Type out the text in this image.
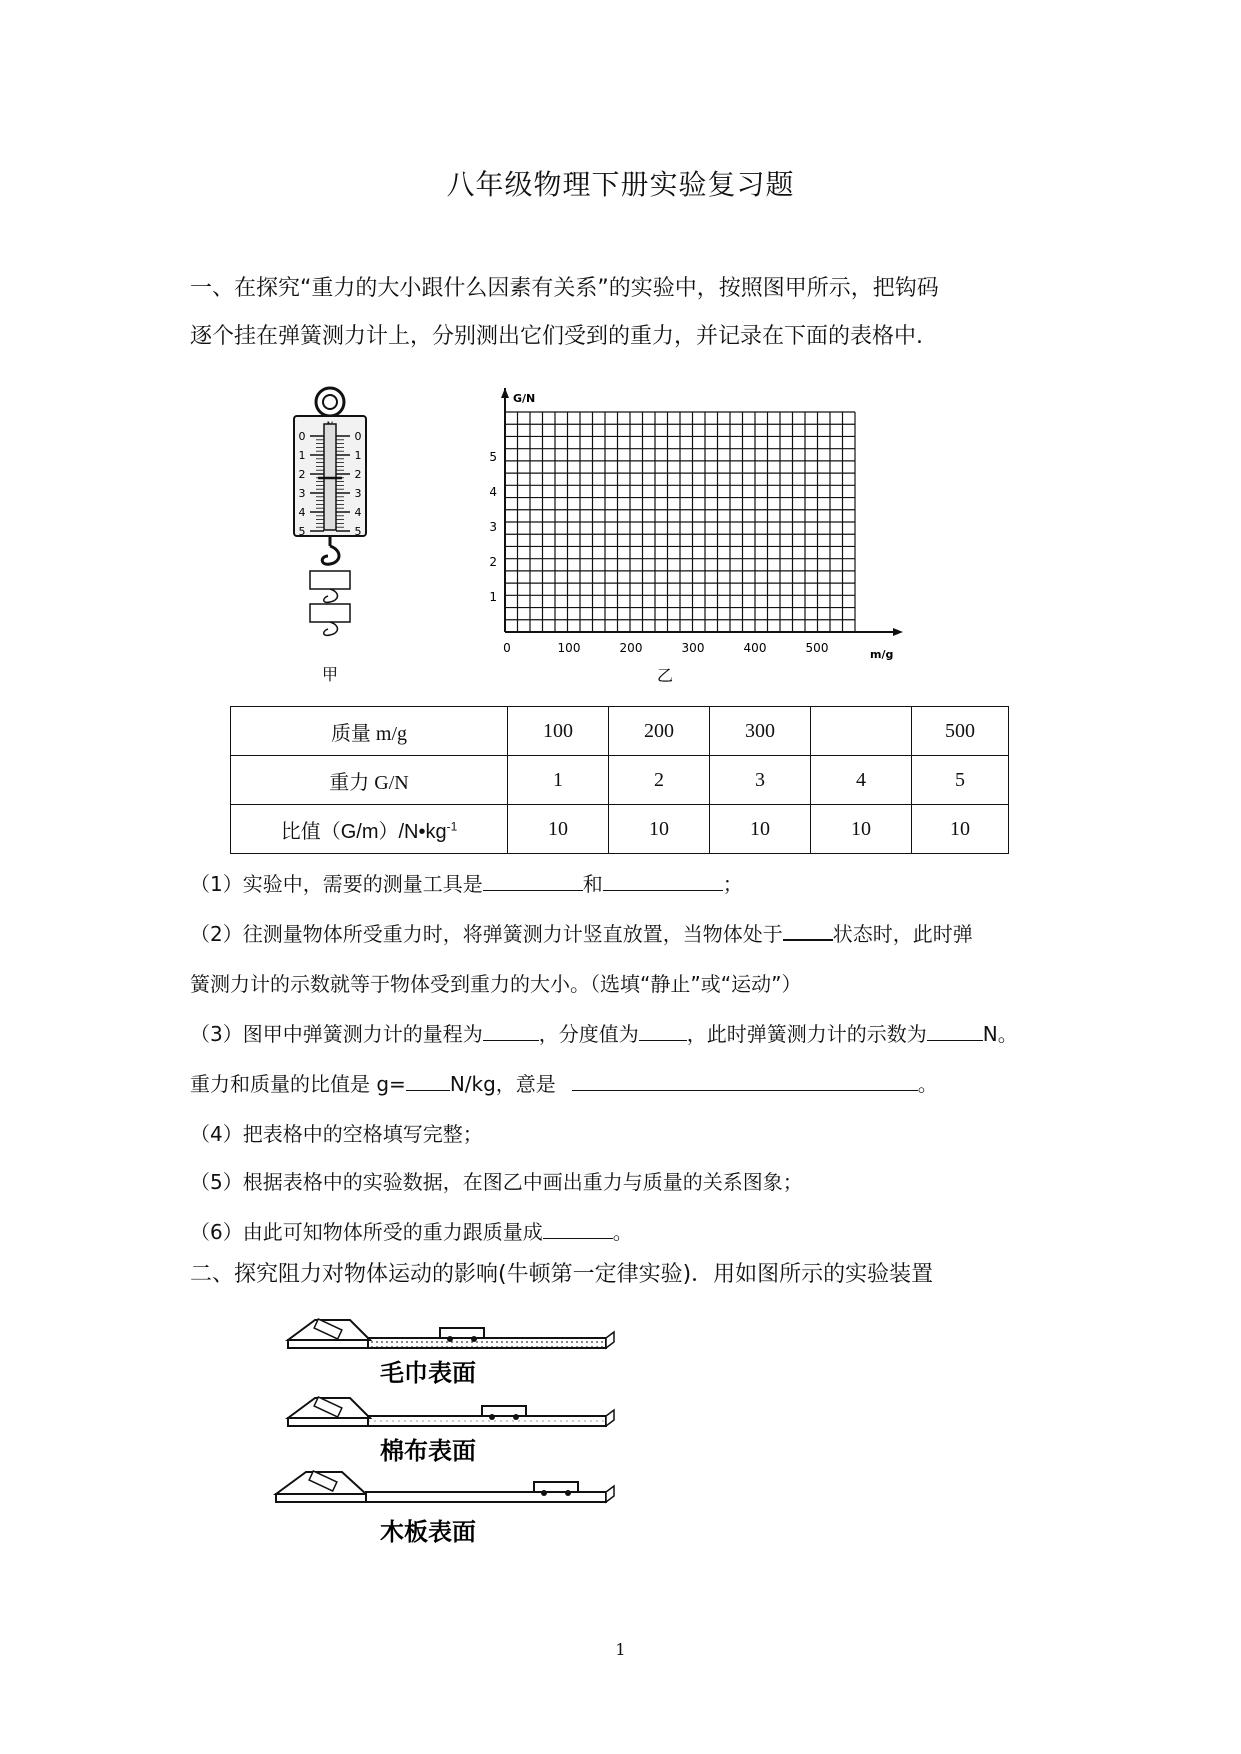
八年级物理下册实验复习题
一、在探究“重力的大小跟什么因素有关系”的实验中，按照图甲所示，把钩码
逐个挂在弹簧测力计上，分别测出它们受到的重力，并记录在下面的表格中.
0	0
1	1
2	2
3	3
4	4
5	5
甲
G/N
m/g
1
2
3
4
5
0	100	200	300	400	500
乙
质量 m/g	100	200	300		500
重力 G/N	1	2	3	4	5
比值$(G/m)/N•kg^{-1}$	10	10	10	10	10
（1）实验中，需要的测量工具是	和	；
（2）往测量物体所受重力时，将弹簧测力计竖直放置，当物体处于	状态时，此时弹
簧测力计的示数就等于物体受到重力的大小。（选填“静止”或“运动”）
（3）图甲中弹簧测力计的量程为	，分度值为 ，此时弹簧测力计的示数为	N。
重力和质量的比值是 g= N/kg，意是	。
（4）把表格中的空格填写完整；
（5）根据表格中的实验数据，在图乙中画出重力与质量的关系图象；
（6）由此可知物体所受的重力跟质量成	。
二、探究阻力对物体运动的影响(牛顿第一定律实验)．用如图所示的实验装置
毛巾表面
棉布表面
木板表面
1
